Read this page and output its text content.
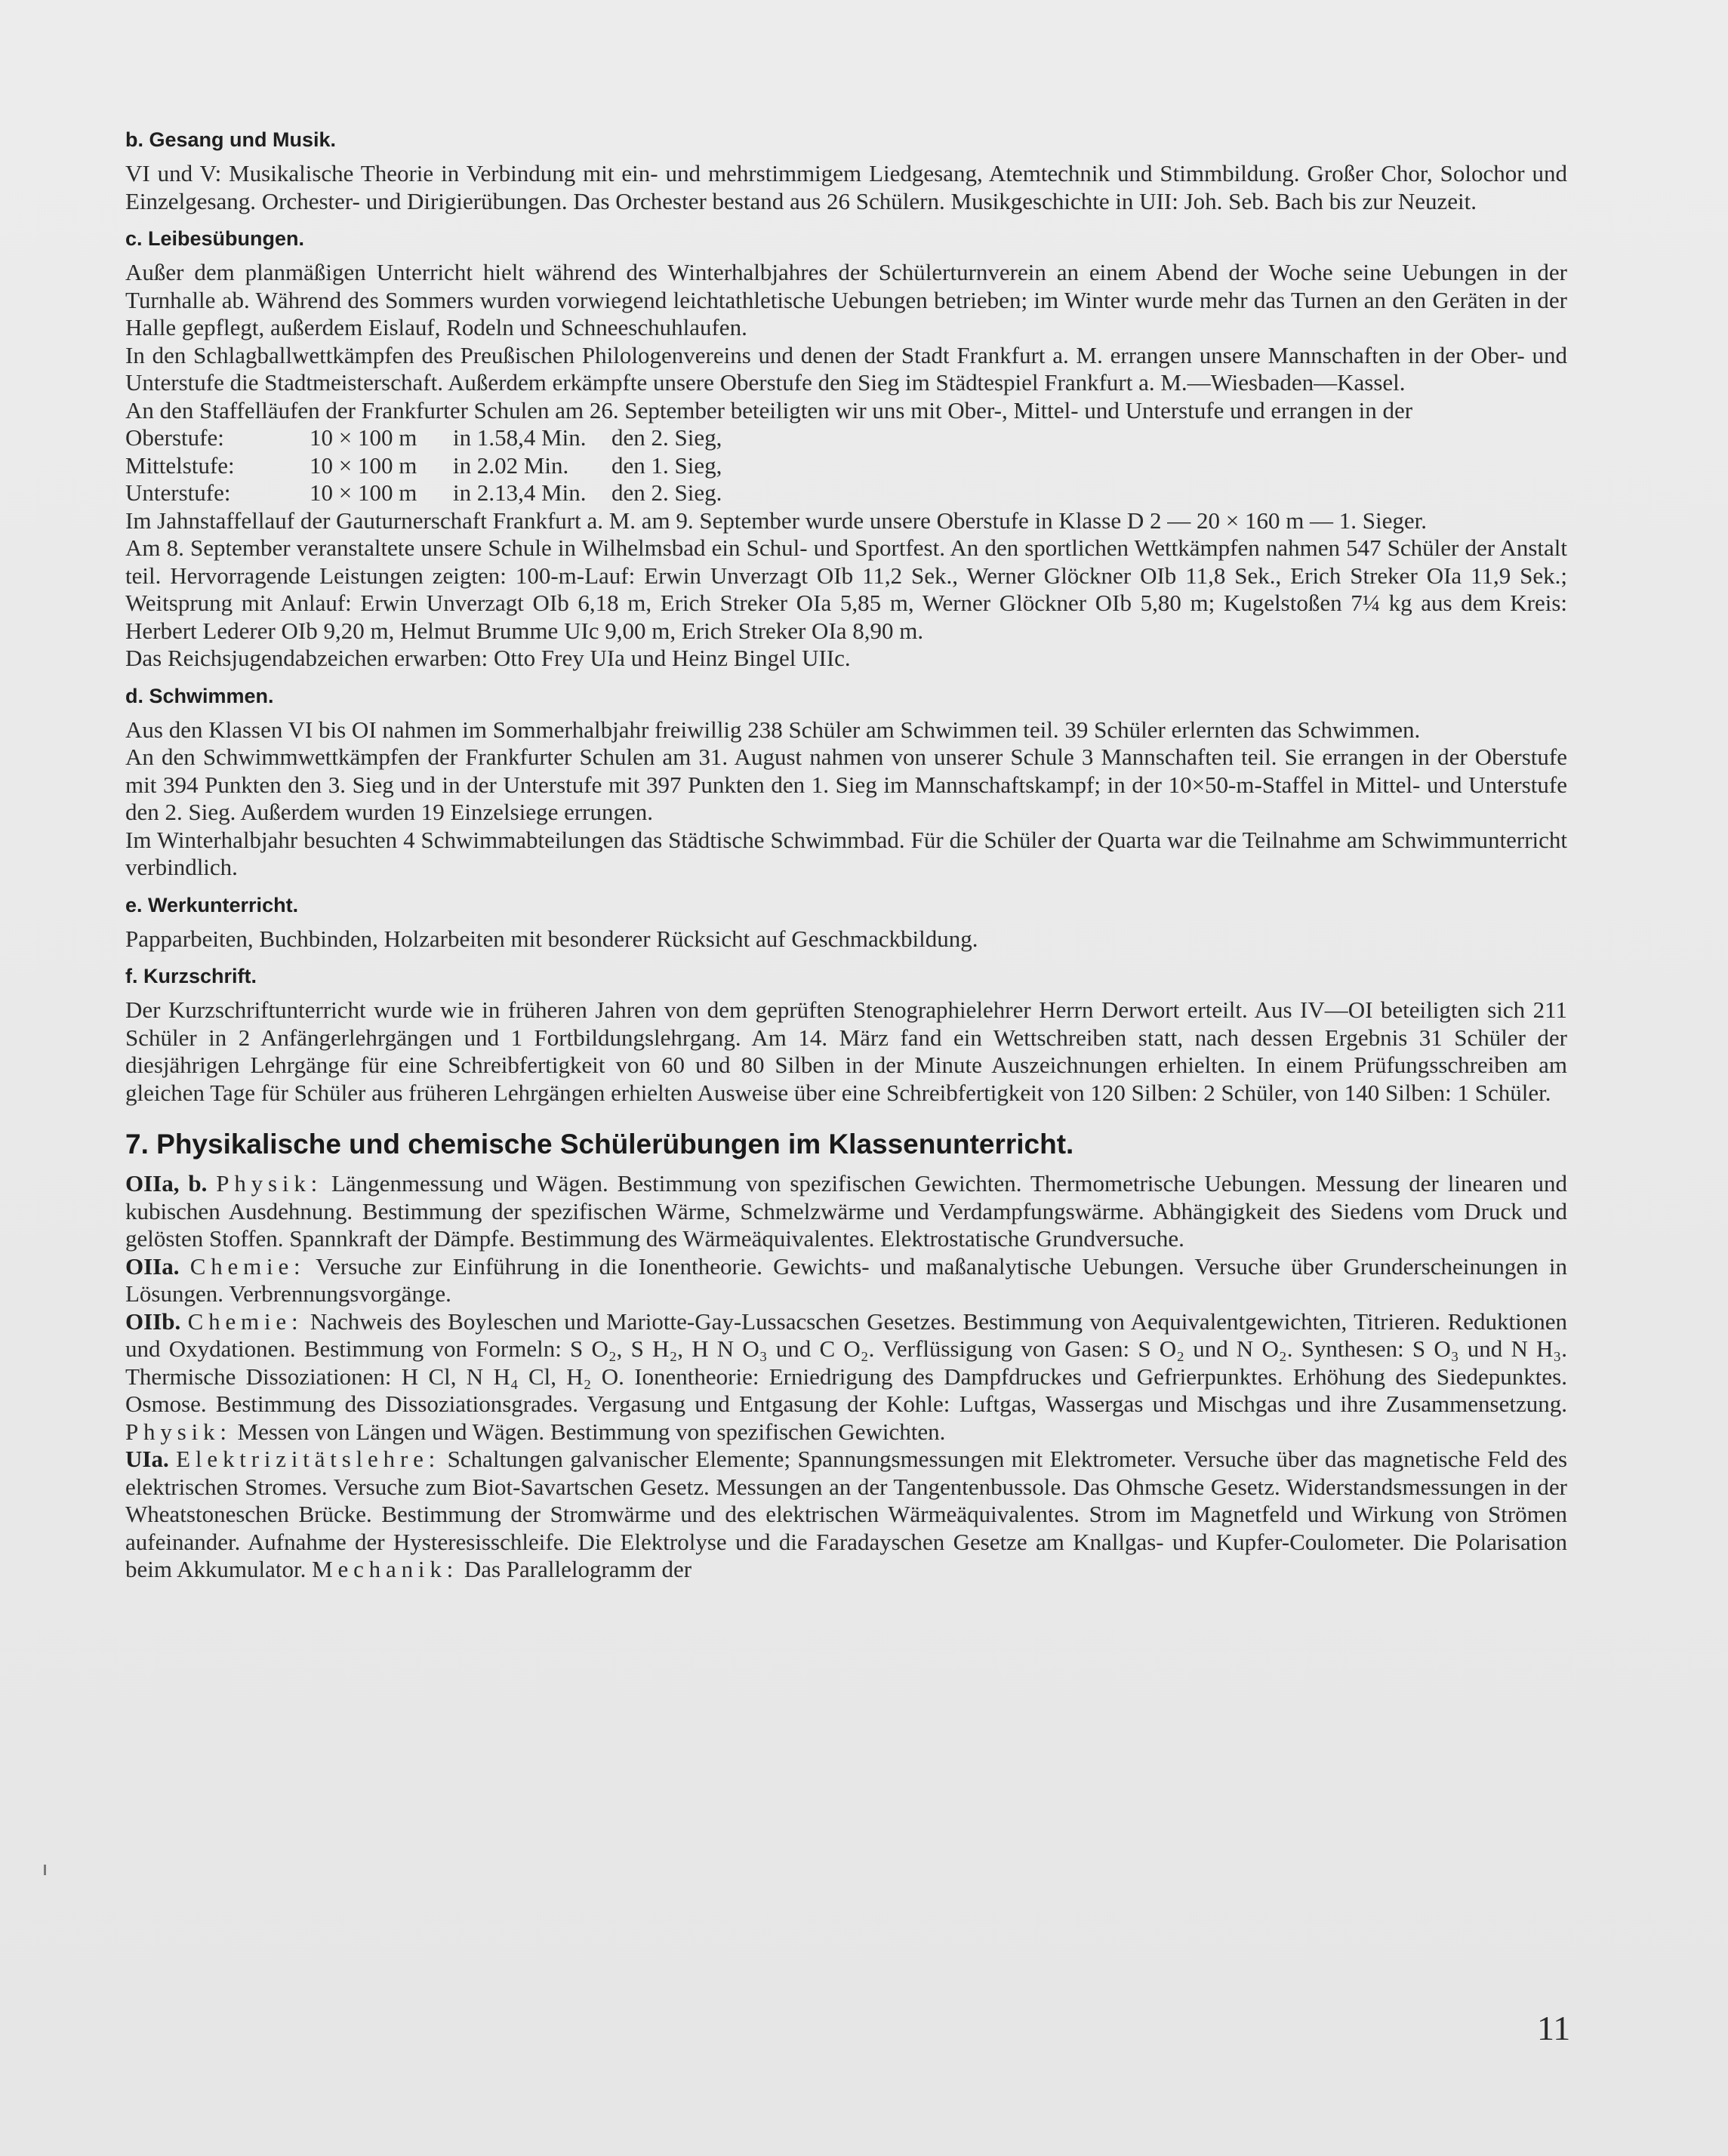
b. Gesang und Musik.

VI und V: Musikalische Theorie in Verbindung mit ein- und mehrstimmigem Liedgesang, Atemtechnik und Stimmbildung. Großer Chor, Solochor und Einzelgesang. Orchester- und Dirigierübungen. Das Orchester bestand aus 26 Schülern. Musikgeschichte in UII: Joh. Seb. Bach bis zur Neuzeit.

c. Leibesübungen.

Außer dem planmäßigen Unterricht hielt während des Winterhalbjahres der Schülerturnverein an einem Abend der Woche seine Uebungen in der Turnhalle ab. Während des Sommers wurden vorwiegend leichtathletische Uebungen betrieben; im Winter wurde mehr das Turnen an den Geräten in der Halle gepflegt, außerdem Eislauf, Rodeln und Schneeschuhlaufen.

In den Schlagballwettkämpfen des Preußischen Philologenvereins und denen der Stadt Frankfurt a. M. errangen unsere Mannschaften in der Ober- und Unterstufe die Stadtmeisterschaft. Außerdem erkämpfte unsere Oberstufe den Sieg im Städtespiel Frankfurt a. M.—Wiesbaden—Kassel.

An den Staffelläufen der Frankfurter Schulen am 26. September beteiligten wir uns mit Ober-, Mittel- und Unterstufe und errangen in der

Oberstufe:	10 × 100 m	in 1.58,4 Min.	den 2. Sieg,
Mittelstufe:	10 × 100 m	in 2.02 Min.	den 1. Sieg,
Unterstufe:	10 × 100 m	in 2.13,4 Min.	den 2. Sieg.

Im Jahnstaffellauf der Gauturnerschaft Frankfurt a. M. am 9. September wurde unsere Oberstufe in Klasse D 2 — 20 × 160 m — 1. Sieger.

Am 8. September veranstaltete unsere Schule in Wilhelmsbad ein Schul- und Sportfest. An den sportlichen Wettkämpfen nahmen 547 Schüler der Anstalt teil. Hervorragende Leistungen zeigten: 100-m-Lauf: Erwin Unverzagt OIb 11,2 Sek., Werner Glöckner OIb 11,8 Sek., Erich Streker OIa 11,9 Sek.; Weitsprung mit Anlauf: Erwin Unverzagt OIb 6,18 m, Erich Streker OIa 5,85 m, Werner Glöckner OIb 5,80 m; Kugelstoßen 7¼ kg aus dem Kreis: Herbert Lederer OIb 9,20 m, Helmut Brumme UIc 9,00 m, Erich Streker OIa 8,90 m.

Das Reichsjugendabzeichen erwarben: Otto Frey UIa und Heinz Bingel UIIc.

d. Schwimmen.

Aus den Klassen VI bis OI nahmen im Sommerhalbjahr freiwillig 238 Schüler am Schwimmen teil. 39 Schüler erlernten das Schwimmen.

An den Schwimmwettkämpfen der Frankfurter Schulen am 31. August nahmen von unserer Schule 3 Mannschaften teil. Sie errangen in der Oberstufe mit 394 Punkten den 3. Sieg und in der Unterstufe mit 397 Punkten den 1. Sieg im Mannschaftskampf; in der 10×50-m-Staffel in Mittel- und Unterstufe den 2. Sieg. Außerdem wurden 19 Einzelsiege errungen.

Im Winterhalbjahr besuchten 4 Schwimmabteilungen das Städtische Schwimmbad. Für die Schüler der Quarta war die Teilnahme am Schwimmunterricht verbindlich.

e. Werkunterricht.

Papparbeiten, Buchbinden, Holzarbeiten mit besonderer Rücksicht auf Geschmackbildung.

f. Kurzschrift.

Der Kurzschriftunterricht wurde wie in früheren Jahren von dem geprüften Stenographielehrer Herrn Derwort erteilt. Aus IV—OI beteiligten sich 211 Schüler in 2 Anfängerlehrgängen und 1 Fortbildungslehrgang. Am 14. März fand ein Wettschreiben statt, nach dessen Ergebnis 31 Schüler der diesjährigen Lehrgänge für eine Schreibfertigkeit von 60 und 80 Silben in der Minute Auszeichnungen erhielten. In einem Prüfungsschreiben am gleichen Tage für Schüler aus früheren Lehrgängen erhielten Ausweise über eine Schreibfertigkeit von 120 Silben: 2 Schüler, von 140 Silben: 1 Schüler.

7. Physikalische und chemische Schülerübungen im Klassenunterricht.

OIIa, b. Physik: Längenmessung und Wägen. Bestimmung von spezifischen Gewichten. Thermometrische Uebungen. Messung der linearen und kubischen Ausdehnung. Bestimmung der spezifischen Wärme, Schmelzwärme und Verdampfungswärme. Abhängigkeit des Siedens vom Druck und gelösten Stoffen. Spannkraft der Dämpfe. Bestimmung des Wärmeäquivalentes. Elektrostatische Grundversuche.

OIIa. Chemie: Versuche zur Einführung in die Ionentheorie. Gewichts- und maßanalytische Uebungen. Versuche über Grunderscheinungen in Lösungen. Verbrennungsvorgänge.

OIIb. Chemie: Nachweis des Boyleschen und Mariotte-Gay-Lussacschen Gesetzes. Bestimmung von Aequivalentgewichten, Titrieren. Reduktionen und Oxydationen. Bestimmung von Formeln: S O₂, S H₂, H N O₃ und C O₂. Verflüssigung von Gasen: S O₂ und N O₂. Synthesen: S O₃ und N H₃. Thermische Dissoziationen: H Cl, N H₄ Cl, H₂ O. Ionentheorie: Erniedrigung des Dampfdruckes und Gefrierpunktes. Erhöhung des Siedepunktes. Osmose. Bestimmung des Dissoziationsgrades. Vergasung und Entgasung der Kohle: Luftgas, Wassergas und Mischgas und ihre Zusammensetzung. Physik: Messen von Längen und Wägen. Bestimmung von spezifischen Gewichten.

UIa. Elektrizitätslehre: Schaltungen galvanischer Elemente; Spannungsmessungen mit Elektrometer. Versuche über das magnetische Feld des elektrischen Stromes. Versuche zum Biot-Savartschen Gesetz. Messungen an der Tangentenbussole. Das Ohmsche Gesetz. Widerstandsmessungen in der Wheatstoneschen Brücke. Bestimmung der Stromwärme und des elektrischen Wärmeäquivalentes. Strom im Magnetfeld und Wirkung von Strömen aufeinander. Aufnahme der Hysteresisschleife. Die Elektrolyse und die Faradayschen Gesetze am Knallgas- und Kupfer-Coulometer. Die Polarisation beim Akkumulator. Mechanik: Das Parallelogramm der

11
